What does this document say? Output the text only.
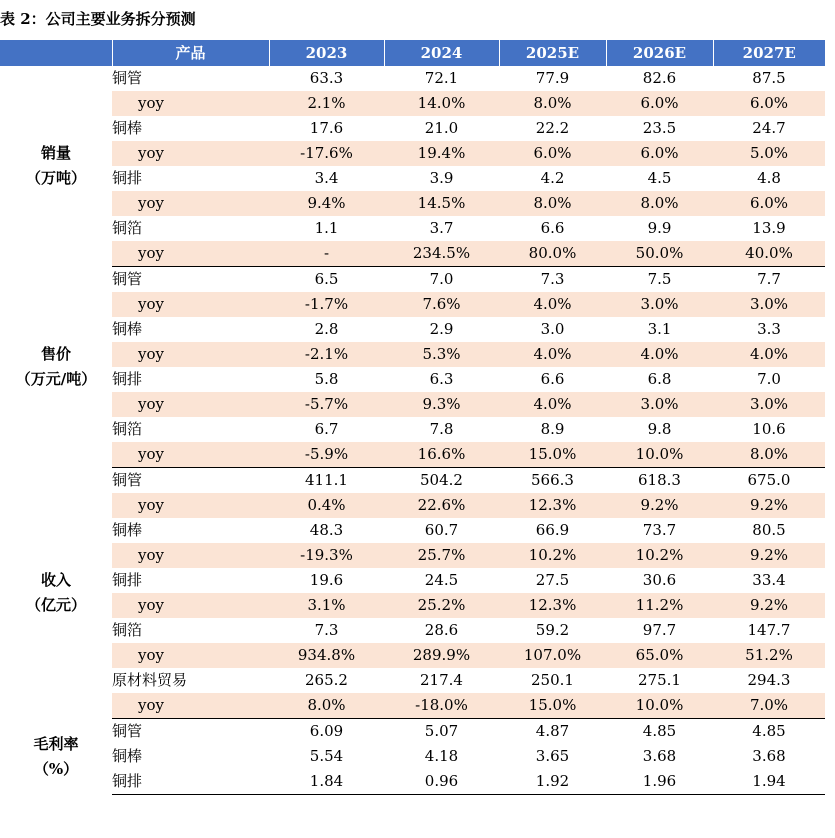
表 2：公司主要业务拆分预测
	产品	2023	2024	2025E	2026E	2027E

销量
（万吨）	铜管	63.3	72.1	77.9	82.6	87.5
	yoy	2.1%	14.0%	8.0%	6.0%	6.0%
	铜棒	17.6	21.0	22.2	23.5	24.7
	yoy	-17.6%	19.4%	6.0%	6.0%	5.0%
	铜排	3.4	3.9	4.2	4.5	4.8
	yoy	9.4%	14.5%	8.0%	8.0%	6.0%
	铜箔	1.1	3.7	6.6	9.9	13.9
	yoy	-	234.5%	80.0%	50.0%	40.0%

售价
（万元/吨）	铜管	6.5	7.0	7.3	7.5	7.7
	yoy	-1.7%	7.6%	4.0%	3.0%	3.0%
	铜棒	2.8	2.9	3.0	3.1	3.3
	yoy	-2.1%	5.3%	4.0%	4.0%	4.0%
	铜排	5.8	6.3	6.6	6.8	7.0
	yoy	-5.7%	9.3%	4.0%	3.0%	3.0%
	铜箔	6.7	7.8	8.9	9.8	10.6
	yoy	-5.9%	16.6%	15.0%	10.0%	8.0%

收入
（亿元）	铜管	411.1	504.2	566.3	618.3	675.0
	yoy	0.4%	22.6%	12.3%	9.2%	9.2%
	铜棒	48.3	60.7	66.9	73.7	80.5
	yoy	-19.3%	25.7%	10.2%	10.2%	9.2%
	铜排	19.6	24.5	27.5	30.6	33.4
	yoy	3.1%	25.2%	12.3%	11.2%	9.2%
	铜箔	7.3	28.6	59.2	97.7	147.7
	yoy	934.8%	289.9%	107.0%	65.0%	51.2%
	原材料贸易	265.2	217.4	250.1	275.1	294.3
	yoy	8.0%	-18.0%	15.0%	10.0%	7.0%

毛利率
（%）	铜管	6.09	5.07	4.87	4.85	4.85
	铜棒	5.54	4.18	3.65	3.68	3.68
	铜排	1.84	0.96	1.92	1.96	1.94
